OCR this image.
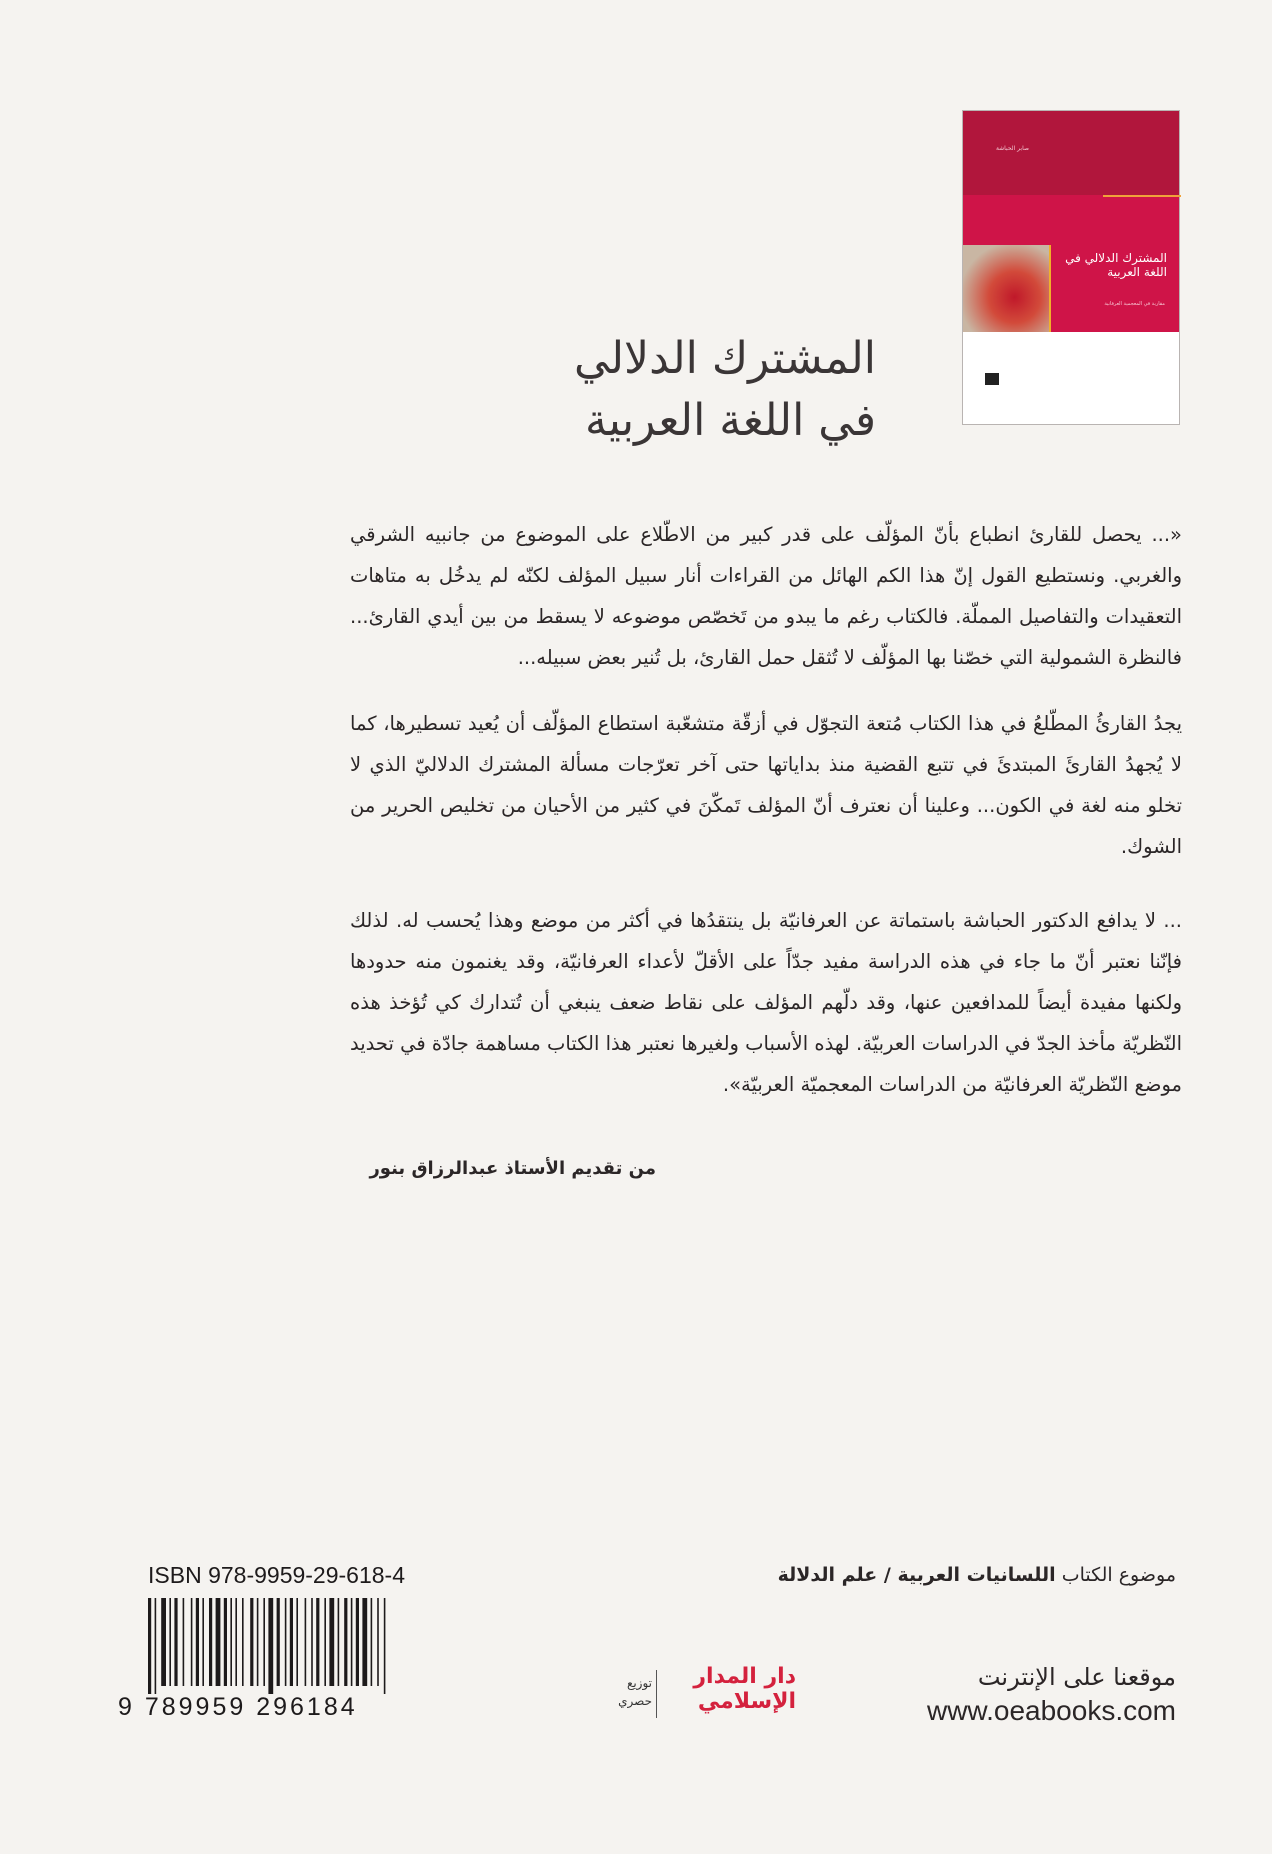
صابر الحباشة
المشترك الدلالي في اللغة العربية
مقاربة في المعجمية العرفانية
المشترك الدلالي
في اللغة العربية
«... يحصل للقارئ انطباع بأنّ المؤلّف على قدر كبير من الاطّلاع على الموضوع من جانبيه الشرقي والغربي. ونستطيع القول إنّ هذا الكم الهائل من القراءات أنار سبيل المؤلف لكنّه لم يدخُل به متاهات التعقيدات والتفاصيل المملّة. فالكتاب رغم ما يبدو من تَخصّص موضوعه لا يسقط من بين أيدي القارئ... فالنظرة الشمولية التي خصّنا بها المؤلّف لا تُثقل حمل القارئ، بل تُنير بعض سبيله...
يجدُ القارئُ المطّلعُ في هذا الكتاب مُتعة التجوّل في أزقّة متشعّبة استطاع المؤلّف أن يُعيد تسطيرها، كما لا يُجهدُ القارئَ المبتدئَ في تتبع القضية منذ بداياتها حتى آخر تعرّجات مسألة المشترك الدلاليّ الذي لا تخلو منه لغة في الكون... وعلينا أن نعترف أنّ المؤلف تَمكّنَ في كثير من الأحيان من تخليص الحرير من الشوك.
... لا يدافع الدكتور الحباشة باستماتة عن العرفانيّة بل ينتقدُها في أكثر من موضع وهذا يُحسب له. لذلك فإنّنا نعتبر أنّ ما جاء في هذه الدراسة مفيد جدّاً على الأقلّ لأعداء العرفانيّة، وقد يغنمون منه حدودها ولكنها مفيدة أيضاً للمدافعين عنها، وقد دلّهم المؤلف على نقاط ضعف ينبغي أن تُتدارك كي تُؤخذ هذه النّظريّة مأخذ الجدّ في الدراسات العربيّة. لهذه الأسباب ولغيرها نعتبر هذا الكتاب مساهمة جادّة في تحديد موضع النّظريّة العرفانيّة من الدراسات المعجميّة العربيّة».
من تقديم الأستاذ عبدالرزاق بنور
موضوع الكتاب اللسانيات العربية / علم الدلالة
موقعنا على الإنترنت
www.oeabooks.com
دار المدار
الإسلامي
توزيع
حصري
ISBN 978-9959-29-618-4
9 789959 296184
